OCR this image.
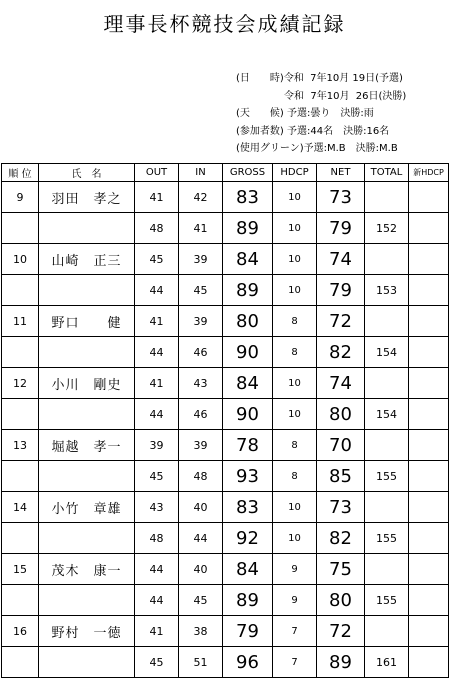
理事長杯競技会成績記録
(日　　時)令和  7年10月 19日(予選)
令和  7年10月  26日(決勝)
(天　　候) 予選:曇り　決勝:雨
(参加者数) 予選:44名　決勝:16名
(使用グリーン)予選:M.B　決勝:M.B
順 位	氏　名	OUT	IN	GROSS	HDCP	NET	TOTAL	新HDCP
9	羽田　孝之	41	42	83	10	73		
		48	41	89	10	79	152	
10	山崎　正三	45	39	84	10	74		
		44	45	89	10	79	153	
11	野口　　健	41	39	80	8	72		
		44	46	90	8	82	154	
12	小川　剛史	41	43	84	10	74		
		44	46	90	10	80	154	
13	堀越　孝一	39	39	78	8	70		
		45	48	93	8	85	155	
14	小竹　章雄	43	40	83	10	73		
		48	44	92	10	82	155	
15	茂木　康一	44	40	84	9	75		
		44	45	89	9	80	155	
16	野村　一徳	41	38	79	7	72		
		45	51	96	7	89	161	
